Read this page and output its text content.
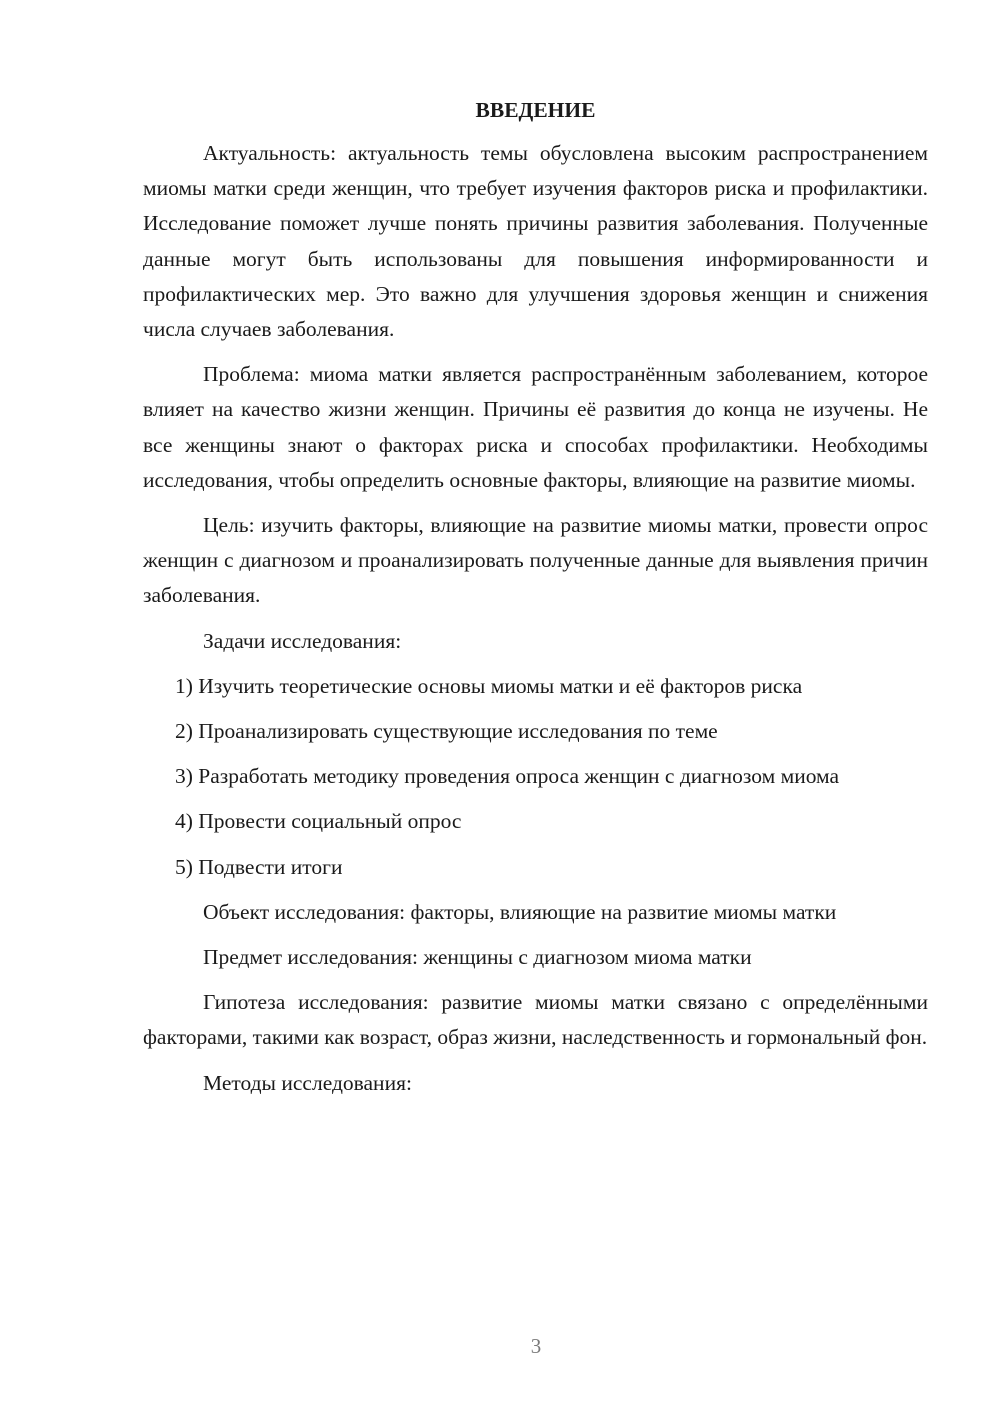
ВВЕДЕНИЕ
Актуальность: актуальность темы обусловлена высоким распространением миомы матки среди женщин, что требует изучения факторов риска и профилактики. Исследование поможет лучше понять причины развития заболевания. Полученные данные могут быть использованы для повышения информированности и профилактических мер. Это важно для улучшения здоровья женщин и снижения числа случаев заболевания.
Проблема: миома матки является распространённым заболеванием, которое влияет на качество жизни женщин. Причины её развития до конца не изучены. Не все женщины знают о факторах риска и способах профилактики. Необходимы исследования, чтобы определить основные факторы, влияющие на развитие миомы.
Цель: изучить факторы, влияющие на развитие миомы матки, провести опрос женщин с диагнозом и проанализировать полученные данные для выявления причин заболевания.
Задачи исследования:
1) Изучить теоретические основы миомы матки и её факторов риска
2) Проанализировать существующие исследования по теме
3) Разработать методику проведения опроса женщин с диагнозом миома
4) Провести социальный опрос
5) Подвести итоги
Объект исследования: факторы, влияющие на развитие миомы матки
Предмет исследования: женщины с диагнозом миома матки
Гипотеза исследования: развитие миомы матки связано с определёнными факторами, такими как возраст, образ жизни, наследственность и гормональный фон.
Методы исследования:
3
